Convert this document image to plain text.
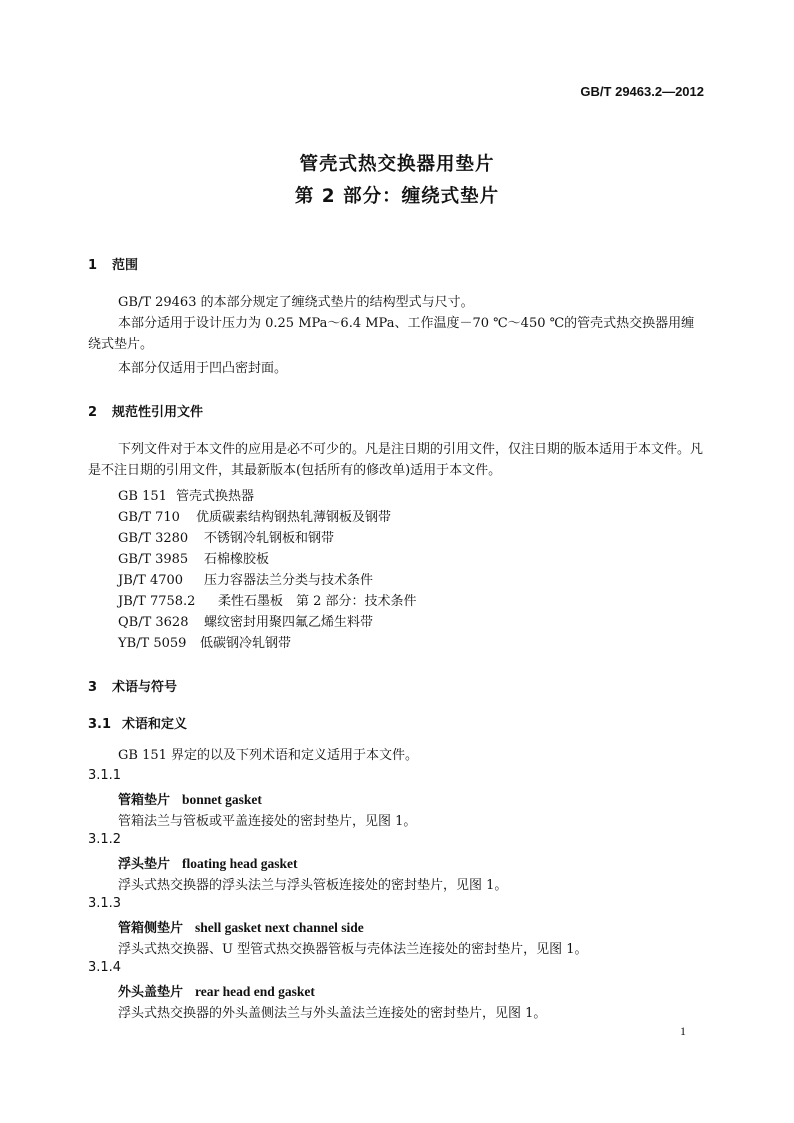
GB/T 29463.2—2012
管壳式热交换器用垫片
第 2 部分：缠绕式垫片
1 范围
GB/T 29463 的本部分规定了缠绕式垫片的结构型式与尺寸。
本部分适用于设计压力为 0.25 MPa～6.4 MPa、工作温度－70 ℃～450 ℃的管壳式热交换器用缠绕式垫片。
本部分仅适用于凹凸密封面。
2 规范性引用文件
下列文件对于本文件的应用是必不可少的。凡是注日期的引用文件，仅注日期的版本适用于本文件。凡是不注日期的引用文件，其最新版本(包括所有的修改单)适用于本文件。
GB 151 管壳式换热器
GB/T 710 优质碳素结构钢热轧薄钢板及钢带
GB/T 3280 不锈钢冷轧钢板和钢带
GB/T 3985 石棉橡胶板
JB/T 4700 压力容器法兰分类与技术条件
JB/T 7758.2 柔性石墨板　第 2 部分：技术条件
QB/T 3628 螺纹密封用聚四氟乙烯生料带
YB/T 5059 低碳钢冷轧钢带
3 术语与符号
3.1 术语和定义
GB 151 界定的以及下列术语和定义适用于本文件。
3.1.1
管箱垫片 bonnet gasket
管箱法兰与管板或平盖连接处的密封垫片，见图 1。
3.1.2
浮头垫片 floating head gasket
浮头式热交换器的浮头法兰与浮头管板连接处的密封垫片，见图 1。
3.1.3
管箱侧垫片 shell gasket next channel side
浮头式热交换器、U 型管式热交换器管板与壳体法兰连接处的密封垫片，见图 1。
3.1.4
外头盖垫片 rear head end gasket
浮头式热交换器的外头盖侧法兰与外头盖法兰连接处的密封垫片，见图 1。
1
